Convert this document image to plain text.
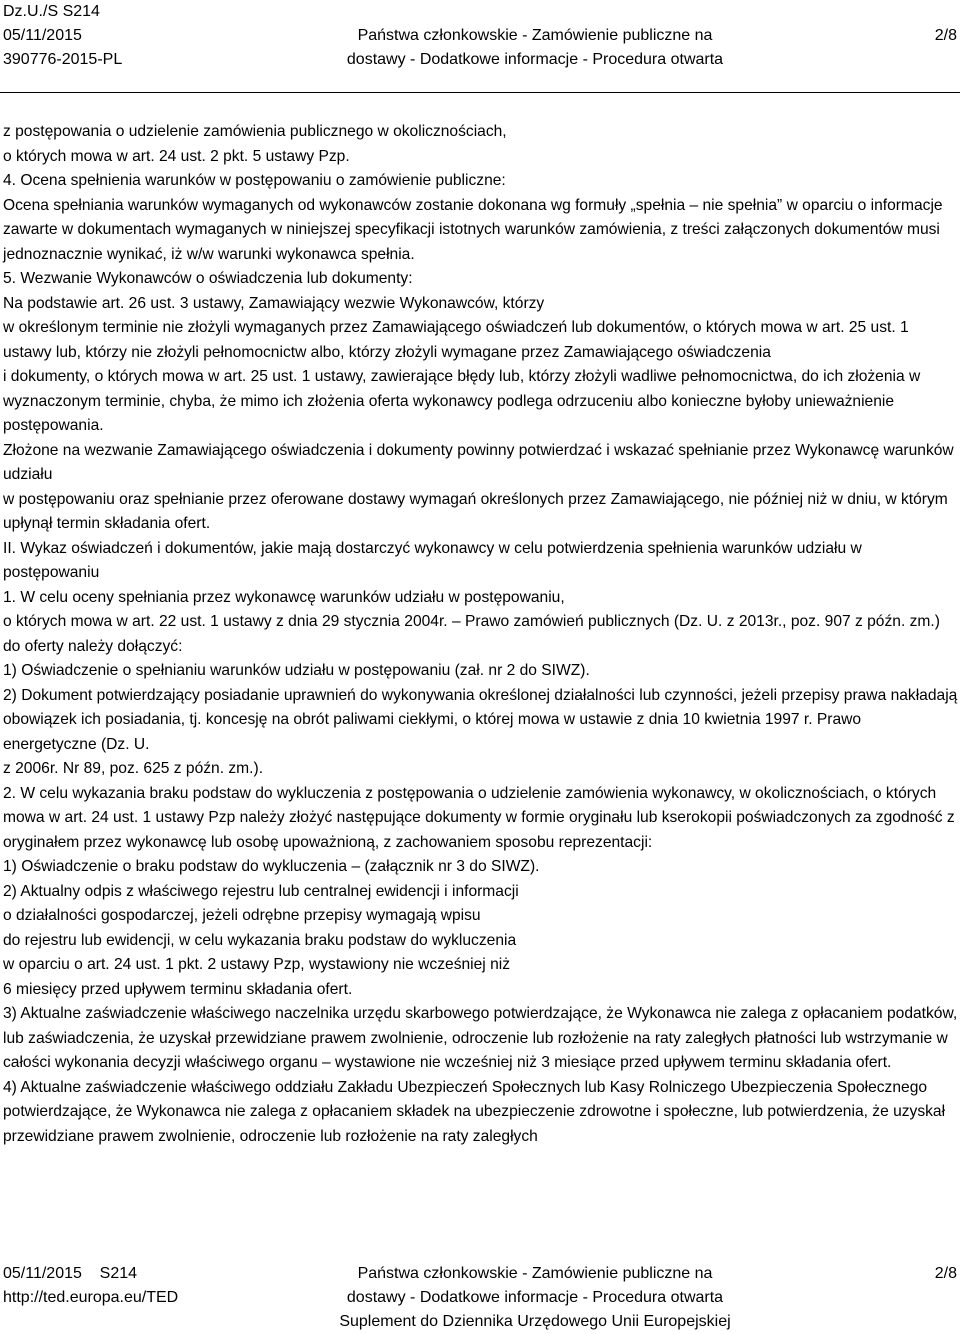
Dz.U./S S214
05/11/2015
390776-2015-PL
Państwa członkowskie - Zamówienie publiczne na
dostawy - Dodatkowe informacje - Procedura otwarta
2/8

z postępowania o udzielenie zamówienia publicznego w okolicznościach,

o których mowa w art. 24 ust. 2 pkt. 5 ustawy Pzp.

4. Ocena spełnienia warunków w postępowaniu o zamówienie publiczne:

Ocena spełniania warunków wymaganych od wykonawców zostanie dokonana wg formuły „spełnia – nie spełnia” w oparciu o informacje zawarte w dokumentach wymaganych w niniejszej specyfikacji istotnych warunków zamówienia, z treści załączonych dokumentów musi jednoznacznie wynikać, iż w/w warunki wykonawca spełnia.

5. Wezwanie Wykonawców o oświadczenia lub dokumenty:

Na podstawie art. 26 ust. 3 ustawy, Zamawiający wezwie Wykonawców, którzy

w określonym terminie nie złożyli wymaganych przez Zamawiającego oświadczeń lub dokumentów, o których mowa w art. 25 ust. 1 ustawy lub, którzy nie złożyli pełnomocnictw albo, którzy złożyli wymagane przez Zamawiającego oświadczenia

i dokumenty, o których mowa w art. 25 ust. 1 ustawy, zawierające błędy lub, którzy złożyli wadliwe pełnomocnictwa, do ich złożenia w wyznaczonym terminie, chyba, że mimo ich złożenia oferta wykonawcy podlega odrzuceniu albo konieczne byłoby unieważnienie postępowania.

Złożone na wezwanie Zamawiającego oświadczenia i dokumenty powinny potwierdzać i wskazać spełnianie przez Wykonawcę warunków udziału

w postępowaniu oraz spełnianie przez oferowane dostawy wymagań określonych przez Zamawiającego, nie później niż w dniu, w którym upłynął termin składania ofert.

II. Wykaz oświadczeń i dokumentów, jakie mają dostarczyć wykonawcy w celu potwierdzenia spełnienia warunków udziału w postępowaniu

1. W celu oceny spełniania przez wykonawcę warunków udziału w postępowaniu,

o których mowa w art. 22 ust. 1 ustawy z dnia 29 stycznia 2004r. – Prawo zamówień publicznych (Dz. U. z 2013r., poz. 907 z późn. zm.) do oferty należy dołączyć:

1) Oświadczenie o spełnianiu warunków udziału w postępowaniu (zał. nr 2 do SIWZ).

2) Dokument potwierdzający posiadanie uprawnień do wykonywania określonej działalności lub czynności, jeżeli przepisy prawa nakładają obowiązek ich posiadania, tj. koncesję na obrót paliwami ciekłymi, o której mowa w ustawie z dnia 10 kwietnia 1997 r. Prawo energetyczne (Dz. U.

z 2006r. Nr 89, poz. 625 z późn. zm.).

2. W celu wykazania braku podstaw do wykluczenia z postępowania o udzielenie zamówienia wykonawcy, w okolicznościach, o których mowa w art. 24 ust. 1 ustawy Pzp należy złożyć następujące dokumenty w formie oryginału lub kserokopii poświadczonych za zgodność z oryginałem przez wykonawcę lub osobę upoważnioną, z zachowaniem sposobu reprezentacji:

1) Oświadczenie o braku podstaw do wykluczenia – (załącznik nr 3 do SIWZ).

2) Aktualny odpis z właściwego rejestru lub centralnej ewidencji i informacji

o działalności gospodarczej, jeżeli odrębne przepisy wymagają wpisu

do rejestru lub ewidencji, w celu wykazania braku podstaw do wykluczenia

w oparciu o art. 24 ust. 1 pkt. 2 ustawy Pzp, wystawiony nie wcześniej niż

6 miesięcy przed upływem terminu składania ofert.

3) Aktualne zaświadczenie właściwego naczelnika urzędu skarbowego potwierdzające, że Wykonawca nie zalega z opłacaniem podatków, lub zaświadczenia, że uzyskał przewidziane prawem zwolnienie, odroczenie lub rozłożenie na raty zaległych płatności lub wstrzymanie w całości wykonania decyzji właściwego organu – wystawione nie wcześniej niż 3 miesiące przed upływem terminu składania ofert.

4) Aktualne zaświadczenie właściwego oddziału Zakładu Ubezpieczeń Społecznych lub Kasy Rolniczego Ubezpieczenia Społecznego potwierdzające, że Wykonawca nie zalega z opłacaniem składek na ubezpieczenie zdrowotne i społeczne, lub potwierdzenia, że uzyskał przewidziane prawem zwolnienie, odroczenie lub rozłożenie na raty zaległych

05/11/2015 S214
http://ted.europa.eu/TED
Państwa członkowskie - Zamówienie publiczne na
dostawy - Dodatkowe informacje - Procedura otwarta
Suplement do Dziennika Urzędowego Unii Europejskiej
2/8
